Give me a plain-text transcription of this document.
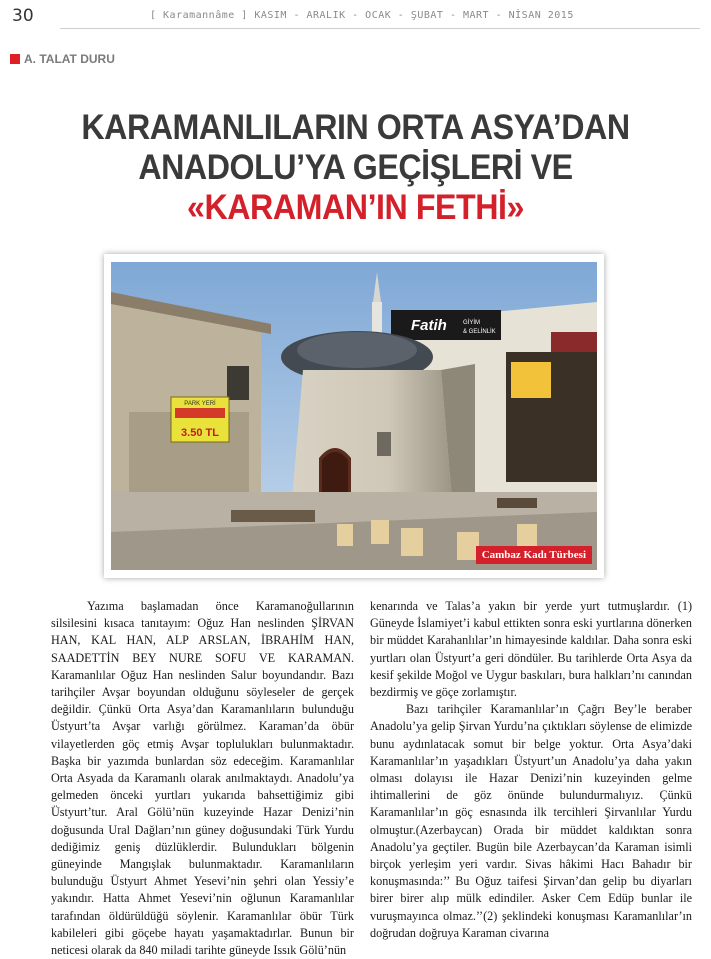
30	[ Karamannâme ] KASIM - ARALIK - OCAK - ŞUBAT - MART - NİSAN 2015
A. TALAT DURU
KARAMANLILARIN ORTA ASYA’DAN
ANADOLU’YA GEÇİŞLERİ VE
«KARAMAN’IN FETHİ»
PARK YERİ
3.50 TL
Fatih	GİYİM
& GELİNLİK
Cambaz Kadı Türbesi

Yazıma başlamadan önce Karamanoğullarının silsilesini kısaca tanıtayım: Oğuz Han neslinden ŞİRVAN HAN, KAL HAN, ALP ARSLAN, İBRAHİM HAN, SAADETTİN BEY NURE SOFU VE KARAMAN. Karamanlılar Oğuz Han neslinden Salur boyundandır. Bazı tarihçiler Avşar boyundan olduğunu söyleseler de gerçek değildir. Çünkü Orta Asya’dan Karamanlıların bulunduğu Üstyurt’ta Avşar varlığı görülmez. Karaman’da öbür vilayetlerden göç etmiş Avşar toplulukları bulunmaktadır. Başka bir yazımda bunlardan söz edeceğim. Karamanlılar Orta Asyada da Karamanlı olarak anılmaktaydı. Anadolu’ya gelmeden önceki yurtları yukarıda bahsettiğimiz gibi Üstyurt’tur. Aral Gölü’nün kuzeyinde Hazar Denizi’nin doğusunda Ural Dağları’nın güney doğusundaki Türk Yurdu dediğimiz geniş düzlüklerdir. Bulundukları bölgenin güneyinde Mangışlak bulunmaktadır. Karamanlıların bulunduğu Üstyurt Ahmet Yesevi’nin şehri olan Yessiy’e yakındır. Hatta Ahmet Yesevi’nin oğlunun Karamanlılar tarafından öldürüldüğü söylenir. Karamanlılar öbür Türk kabileleri gibi göçebe hayatı yaşamaktadırlar. Bunun bir neticesi olarak da 840 miladi tarihte güneyde Issık Gölü’nün

kenarında ve Talas’a yakın bir yerde yurt tutmuşlardır. (1) Güneyde İslamiyet’i kabul ettikten sonra eski yurtlarına dönerken bir müddet Karahanlılar’ın himayesinde kaldılar. Daha sonra eski yurtları olan Üstyurt’a geri döndüler. Bu tarihlerde Orta Asya da kesif şekilde Moğol ve Uygur baskıları, bura halkları’nı canından bezdirmiş ve göçe zorlamıştır.

Bazı tarihçiler Karamanlılar’ın Çağrı Bey’le beraber Anadolu’ya gelip Şirvan Yurdu’na çıktıkları söylense de elimizde bunu aydınlatacak somut bir belge yoktur. Orta Asya’daki Karamanlılar’ın yaşadıkları Üstyurt’un Anadolu’ya daha yakın olması dolayısı ile Hazar Denizi’nin kuzeyinden gelme ihtimallerini de göz önünde bulundurmalıyız. Çünkü Karamanlılar’ın göç esnasında ilk tercihleri Şirvanlılar Yurdu olmuştur.(Azerbaycan) Orada bir müddet kaldıktan sonra Anadolu’ya geçtiler. Bugün bile Azerbaycan’da Karaman isimli birçok yerleşim yeri vardır. Sivas hâkimi Hacı Bahadır bir konuşmasında:’’ Bu Oğuz taifesi Şirvan’dan gelip bu diyarları birer birer alıp mülk edindiler. Asker Cem Edüp bunlar ile vuruşmayınca olmaz.’’(2) şeklindeki konuşması Karamanlılar’ın doğrudan doğruya Karaman civarına
